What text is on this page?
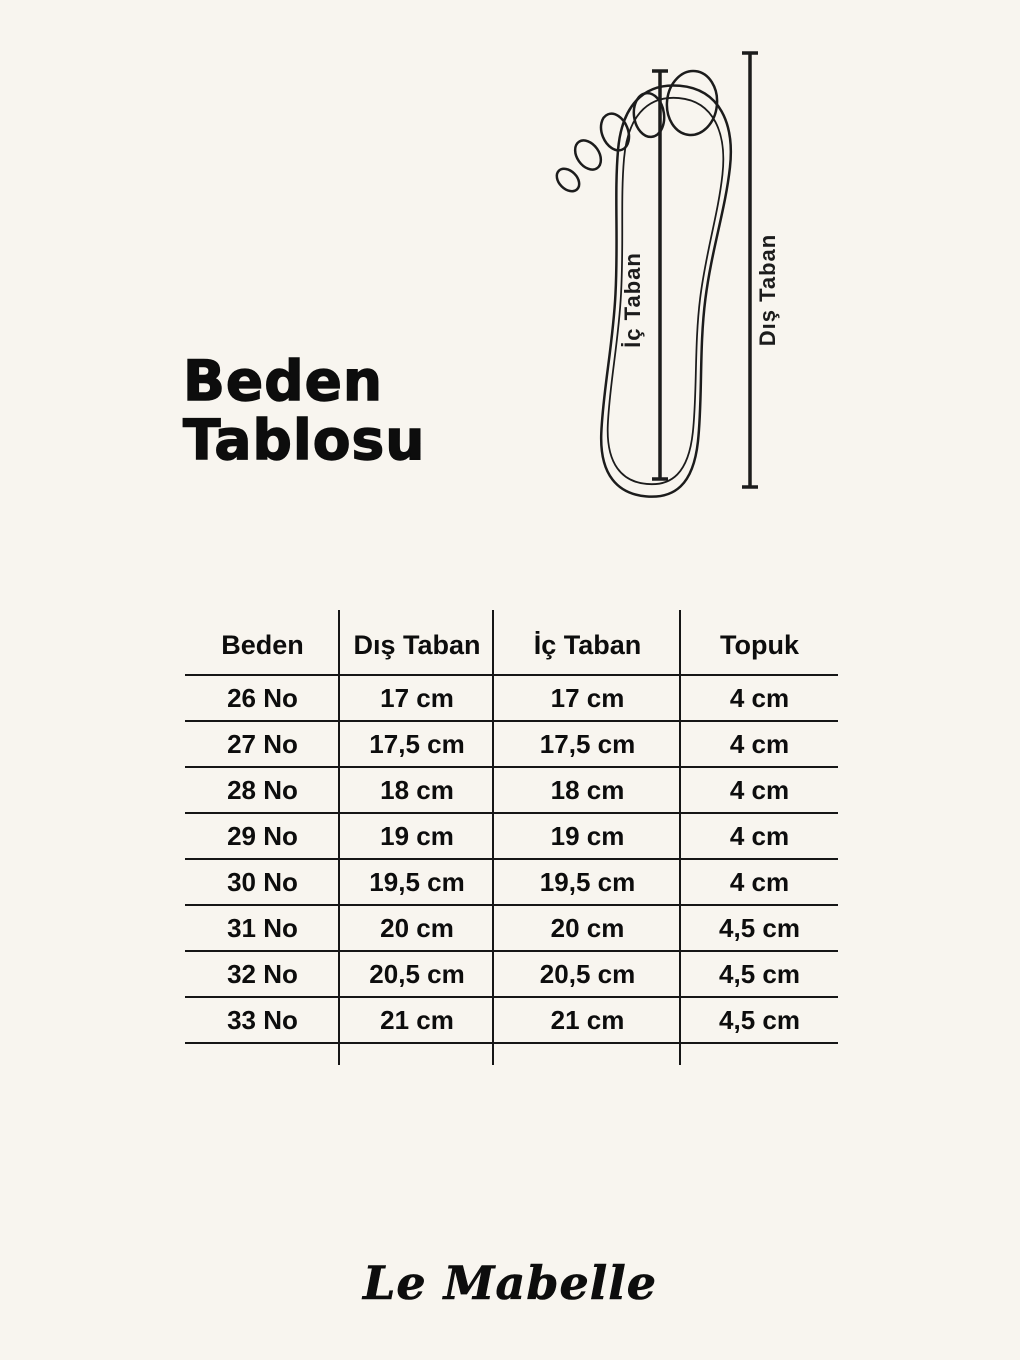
Beden
Tablosu
İç Taban	Dış Taban
Beden	Dış Taban	İç Taban	Topuk
26 No	17 cm	17 cm	4 cm
27 No	17,5 cm	17,5 cm	4 cm
28 No	18 cm	18 cm	4 cm
29 No	19 cm	19 cm	4 cm
30 No	19,5 cm	19,5 cm	4 cm
31 No	20 cm	20 cm	4,5 cm
32 No	20,5 cm	20,5 cm	4,5 cm
33 No	21 cm	21 cm	4,5 cm
Le Mabelle
